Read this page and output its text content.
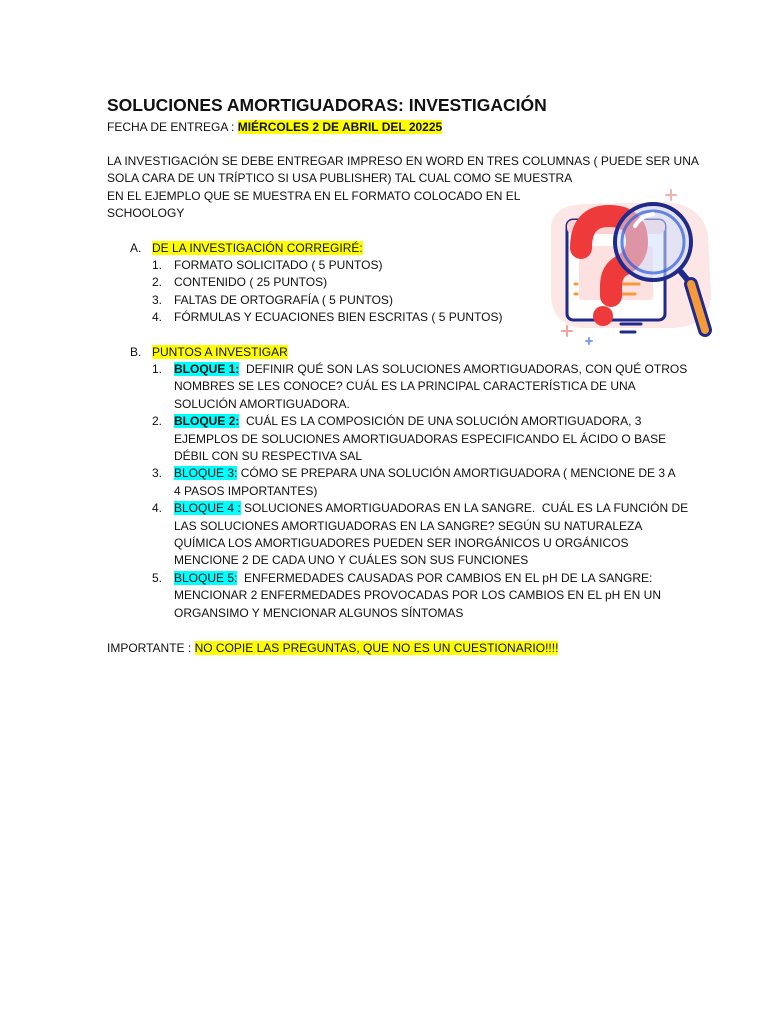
SOLUCIONES AMORTIGUADORAS: INVESTIGACIÓN
FECHA DE ENTREGA : MIÉRCOLES 2 DE ABRIL DEL 20225
LA INVESTIGACIÓN SE DEBE ENTREGAR IMPRESO EN WORD EN TRES COLUMNAS ( PUEDE SER UNA
SOLA CARA DE UN TRÍPTICO SI USA PUBLISHER) TAL CUAL COMO SE MUESTRA
EN EL EJEMPLO QUE SE MUESTRA EN EL FORMATO COLOCADO EN EL
SCHOOLOGY
A. DE LA INVESTIGACIÓN CORREGIRÉ:
1. FORMATO SOLICITADO ( 5 PUNTOS)
2. CONTENIDO ( 25 PUNTOS)
3. FALTAS DE ORTOGRAFÍA ( 5 PUNTOS)
4. FÓRMULAS Y ECUACIONES BIEN ESCRITAS ( 5 PUNTOS)
B. PUNTOS A INVESTIGAR
1. BLOQUE 1:  DEFINIR QUÉ SON LAS SOLUCIONES AMORTIGUADORAS, CON QUÉ OTROS
NOMBRES SE LES CONOCE? CUÁL ES LA PRINCIPAL CARACTERÍSTICA DE UNA
SOLUCIÓN AMORTIGUADORA.
2. BLOQUE 2:  CUÁL ES LA COMPOSICIÓN DE UNA SOLUCIÓN AMORTIGUADORA, 3
EJEMPLOS DE SOLUCIONES AMORTIGUADORAS ESPECIFICANDO EL ÁCIDO O BASE
DÉBIL CON SU RESPECTIVA SAL
3. BLOQUE 3: CÓMO SE PREPARA UNA SOLUCIÓN AMORTIGUADORA ( MENCIONE DE 3 A
4 PASOS IMPORTANTES)
4. BLOQUE 4 : SOLUCIONES AMORTIGUADORAS EN LA SANGRE.  CUÁL ES LA FUNCIÓN DE
LAS SOLUCIONES AMORTIGUADORAS EN LA SANGRE? SEGÚN SU NATURALEZA
QUÍMICA LOS AMORTIGUADORES PUEDEN SER INORGÁNICOS U ORGÁNICOS
MENCIONE 2 DE CADA UNO Y CUÁLES SON SUS FUNCIONES
5. BLOQUE 5:  ENFERMEDADES CAUSADAS POR CAMBIOS EN EL pH DE LA SANGRE:
MENCIONAR 2 ENFERMEDADES PROVOCADAS POR LOS CAMBIOS EN EL pH EN UN
ORGANSIMO Y MENCIONAR ALGUNOS SÍNTOMAS
IMPORTANTE : NO COPIE LAS PREGUNTAS, QUE NO ES UN CUESTIONARIO!!!!
